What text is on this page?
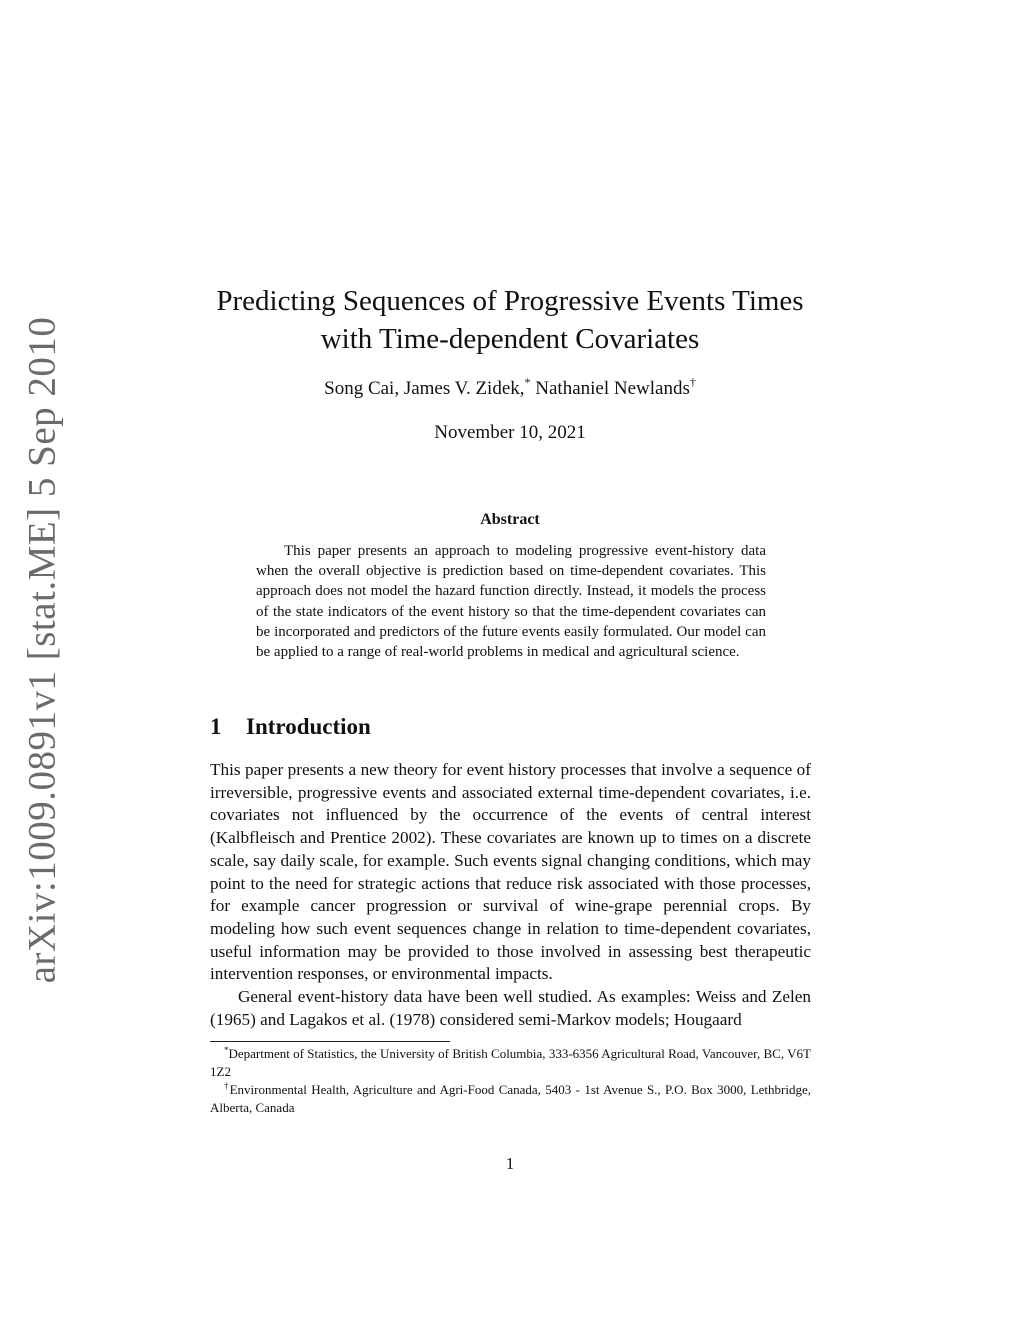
arXiv:1009.0891v1 [stat.ME] 5 Sep 2010
Predicting Sequences of Progressive Events Times
with Time-dependent Covariates
Song Cai, James V. Zidek,* Nathaniel Newlands†
November 10, 2021
Abstract
This paper presents an approach to modeling progressive event-history data when the overall objective is prediction based on time-dependent covariates. This approach does not model the hazard function directly. Instead, it models the process of the state indicators of the event history so that the time-dependent covariates can be incorporated and predictors of the future events easily formulated. Our model can be applied to a range of real-world problems in medical and agricultural science.
1 Introduction

This paper presents a new theory for event history processes that involve a sequence of irreversible, progressive events and associated external time-dependent covariates, i.e. covariates not influenced by the occurrence of the events of central interest (Kalbfleisch and Prentice 2002). These covariates are known up to times on a discrete scale, say daily scale, for example. Such events signal changing conditions, which may point to the need for strategic actions that reduce risk associated with those processes, for example cancer progression or survival of wine-grape perennial crops. By modeling how such event sequences change in relation to time-dependent covariates, useful information may be provided to those involved in assessing best therapeutic intervention responses, or environmental impacts.

General event-history data have been well studied. As examples: Weiss and Zelen (1965) and Lagakos et al. (1978) considered semi-Markov models; Hougaard

*Department of Statistics, the University of British Columbia, 333-6356 Agricultural Road, Vancouver, BC, V6T 1Z2

†Environmental Health, Agriculture and Agri-Food Canada, 5403 - 1st Avenue S., P.O. Box 3000, Lethbridge, Alberta, Canada

1
